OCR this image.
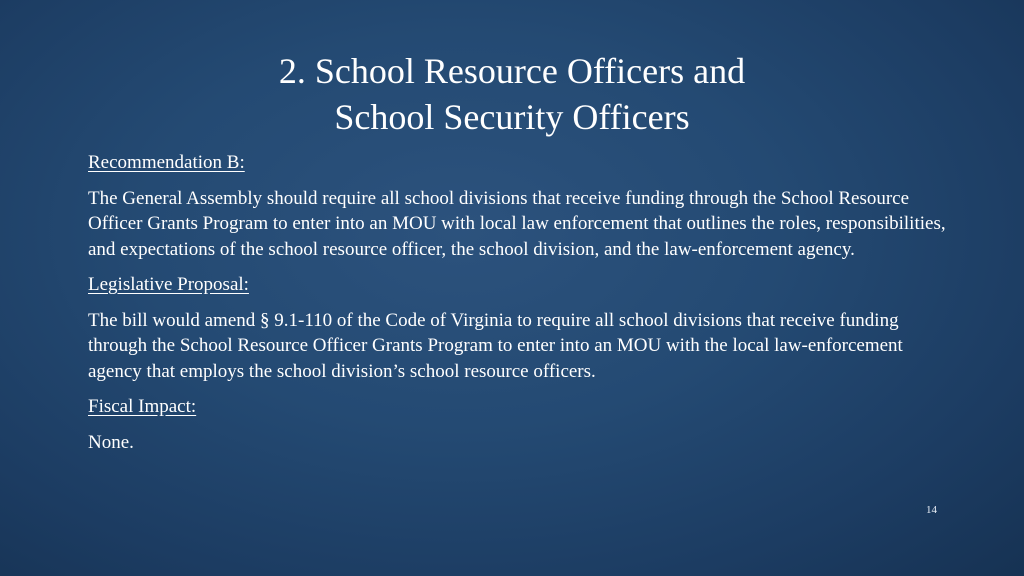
2. School Resource Officers and
School Security Officers
Recommendation B:
The General Assembly should require all school divisions that receive funding through the School Resource Officer Grants Program to enter into an MOU with local law enforcement that outlines the roles, responsibilities, and expectations of the school resource officer, the school division, and the law-enforcement agency.
Legislative Proposal:
The bill would amend § 9.1-110 of the Code of Virginia to require all school divisions that receive funding through the School Resource Officer Grants Program to enter into an MOU with the local law-enforcement agency that employs the school division’s school resource officers.
Fiscal Impact:
None.
14
